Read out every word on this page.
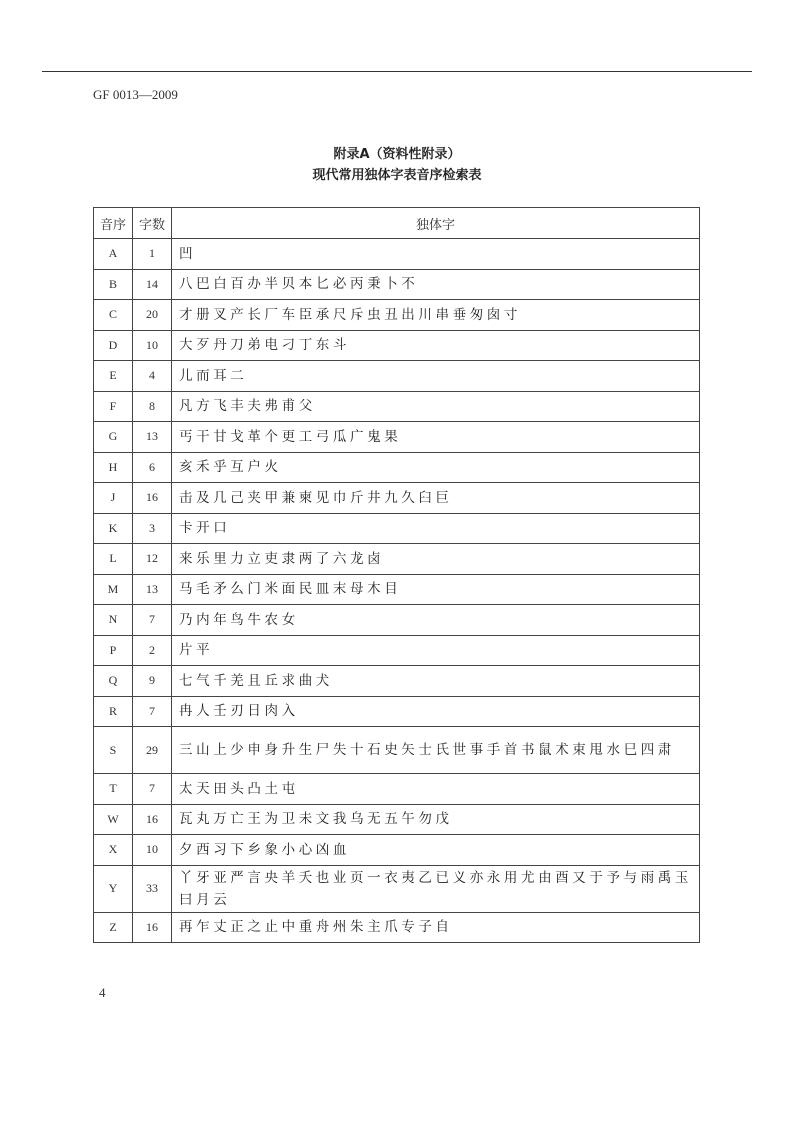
GF 0013—2009
附录A（资料性附录）
现代常用独体字表音序检索表
音序	字数	独体字
A	1	凹
B	14	八巴白百办半贝本匕必丙秉卜不
C	20	才册叉产长厂车臣承尺斥虫丑出川串垂匆囱寸
D	10	大歹丹刀弟电刁丁东斗
E	4	儿而耳二
F	8	凡方飞丰夫弗甫父
G	13	丐干甘戈革个更工弓瓜广鬼果
H	6	亥禾乎互户火
J	16	击及几己夹甲兼柬见巾斤井九久臼巨
K	3	卡开口
L	12	来乐里力立吏隶两了六龙卤
M	13	马毛矛么门米面民皿末母木目
N	7	乃内年鸟牛农女
P	2	片平
Q	9	七气千羌且丘求曲犬
R	7	冉人壬刃日肉入
S	29	三山上少申身升生尸失十石史矢士氏世事手首书鼠术束甩水巳四肃
T	7	太天田头凸土屯
W	16	瓦丸万亡王为卫未文我乌无五午勿戊
X	10	夕西习下乡象小心凶血
Y	33	丫牙亚严言央羊夭也业页一衣夷乙已义亦永用尤由酉又于予与雨禹玉曰月云
Z	16	再乍丈正之止中重舟州朱主爪专子自
4
